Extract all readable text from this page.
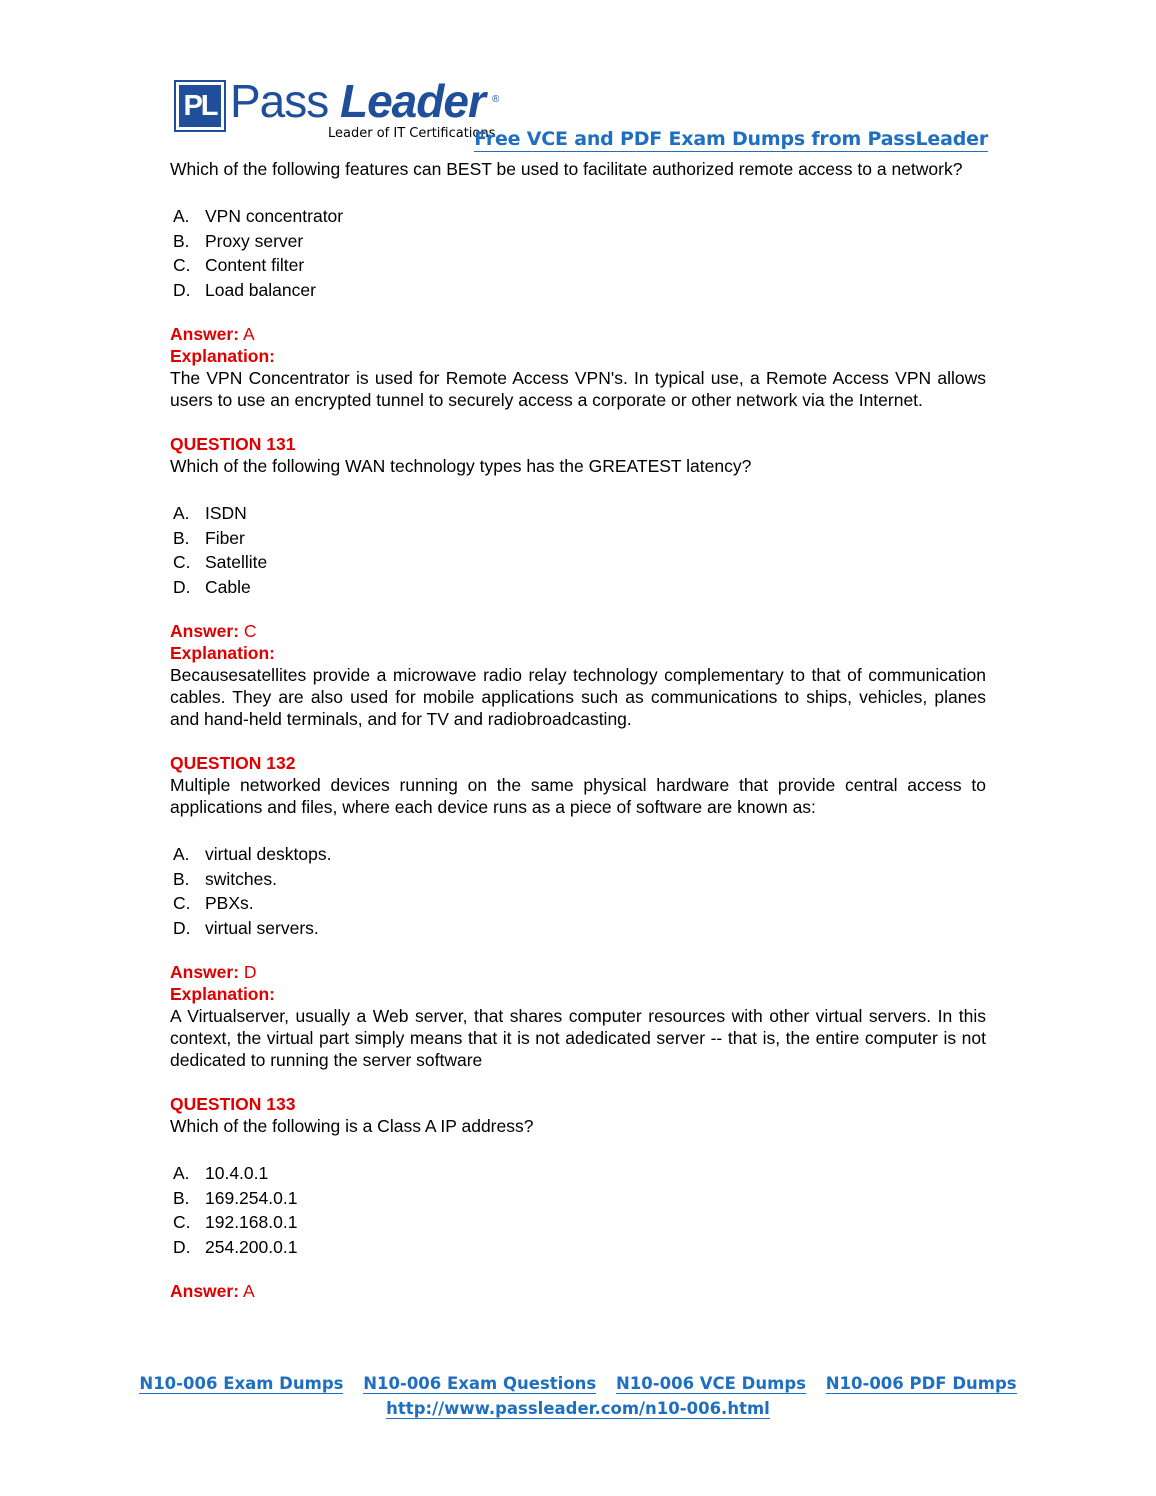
PL Pass Leader ®
Leader of IT Certifications
Free VCE and PDF Exam Dumps from PassLeader

Which of the following features can BEST be used to facilitate authorized remote access to a network?

A. VPN concentrator
B. Proxy server
C. Content filter
D. Load balancer
Answer: A
Explanation:

The VPN Concentrator is used for Remote Access VPN's. In typical use, a Remote Access VPN allows users to use an encrypted tunnel to securely access a corporate or other network via the Internet.

QUESTION 131

Which of the following WAN technology types has the GREATEST latency?

A. ISDN
B. Fiber
C. Satellite
D. Cable
Answer: C
Explanation:

Becausesatellites provide a microwave radio relay technology complementary to that of communication cables. They are also used for mobile applications such as communications to ships, vehicles, planes and hand-held terminals, and for TV and radiobroadcasting.

QUESTION 132

Multiple networked devices running on the same physical hardware that provide central access to applications and files, where each device runs as a piece of software are known as:

A. virtual desktops.
B. switches.
C. PBXs.
D. virtual servers.
Answer: D
Explanation:

A Virtualserver, usually a Web server, that shares computer resources with other virtual servers. In this context, the virtual part simply means that it is not adedicated server -- that is, the entire computer is not dedicated to running the server software

QUESTION 133

Which of the following is a Class A IP address?

A. 10.4.0.1
B. 169.254.0.1
C. 192.168.0.1
D. 254.200.0.1
Answer: A
N10-006 Exam Dumps N10-006 Exam Questions N10-006 VCE Dumps N10-006 PDF Dumps
http://www.passleader.com/n10-006.html
